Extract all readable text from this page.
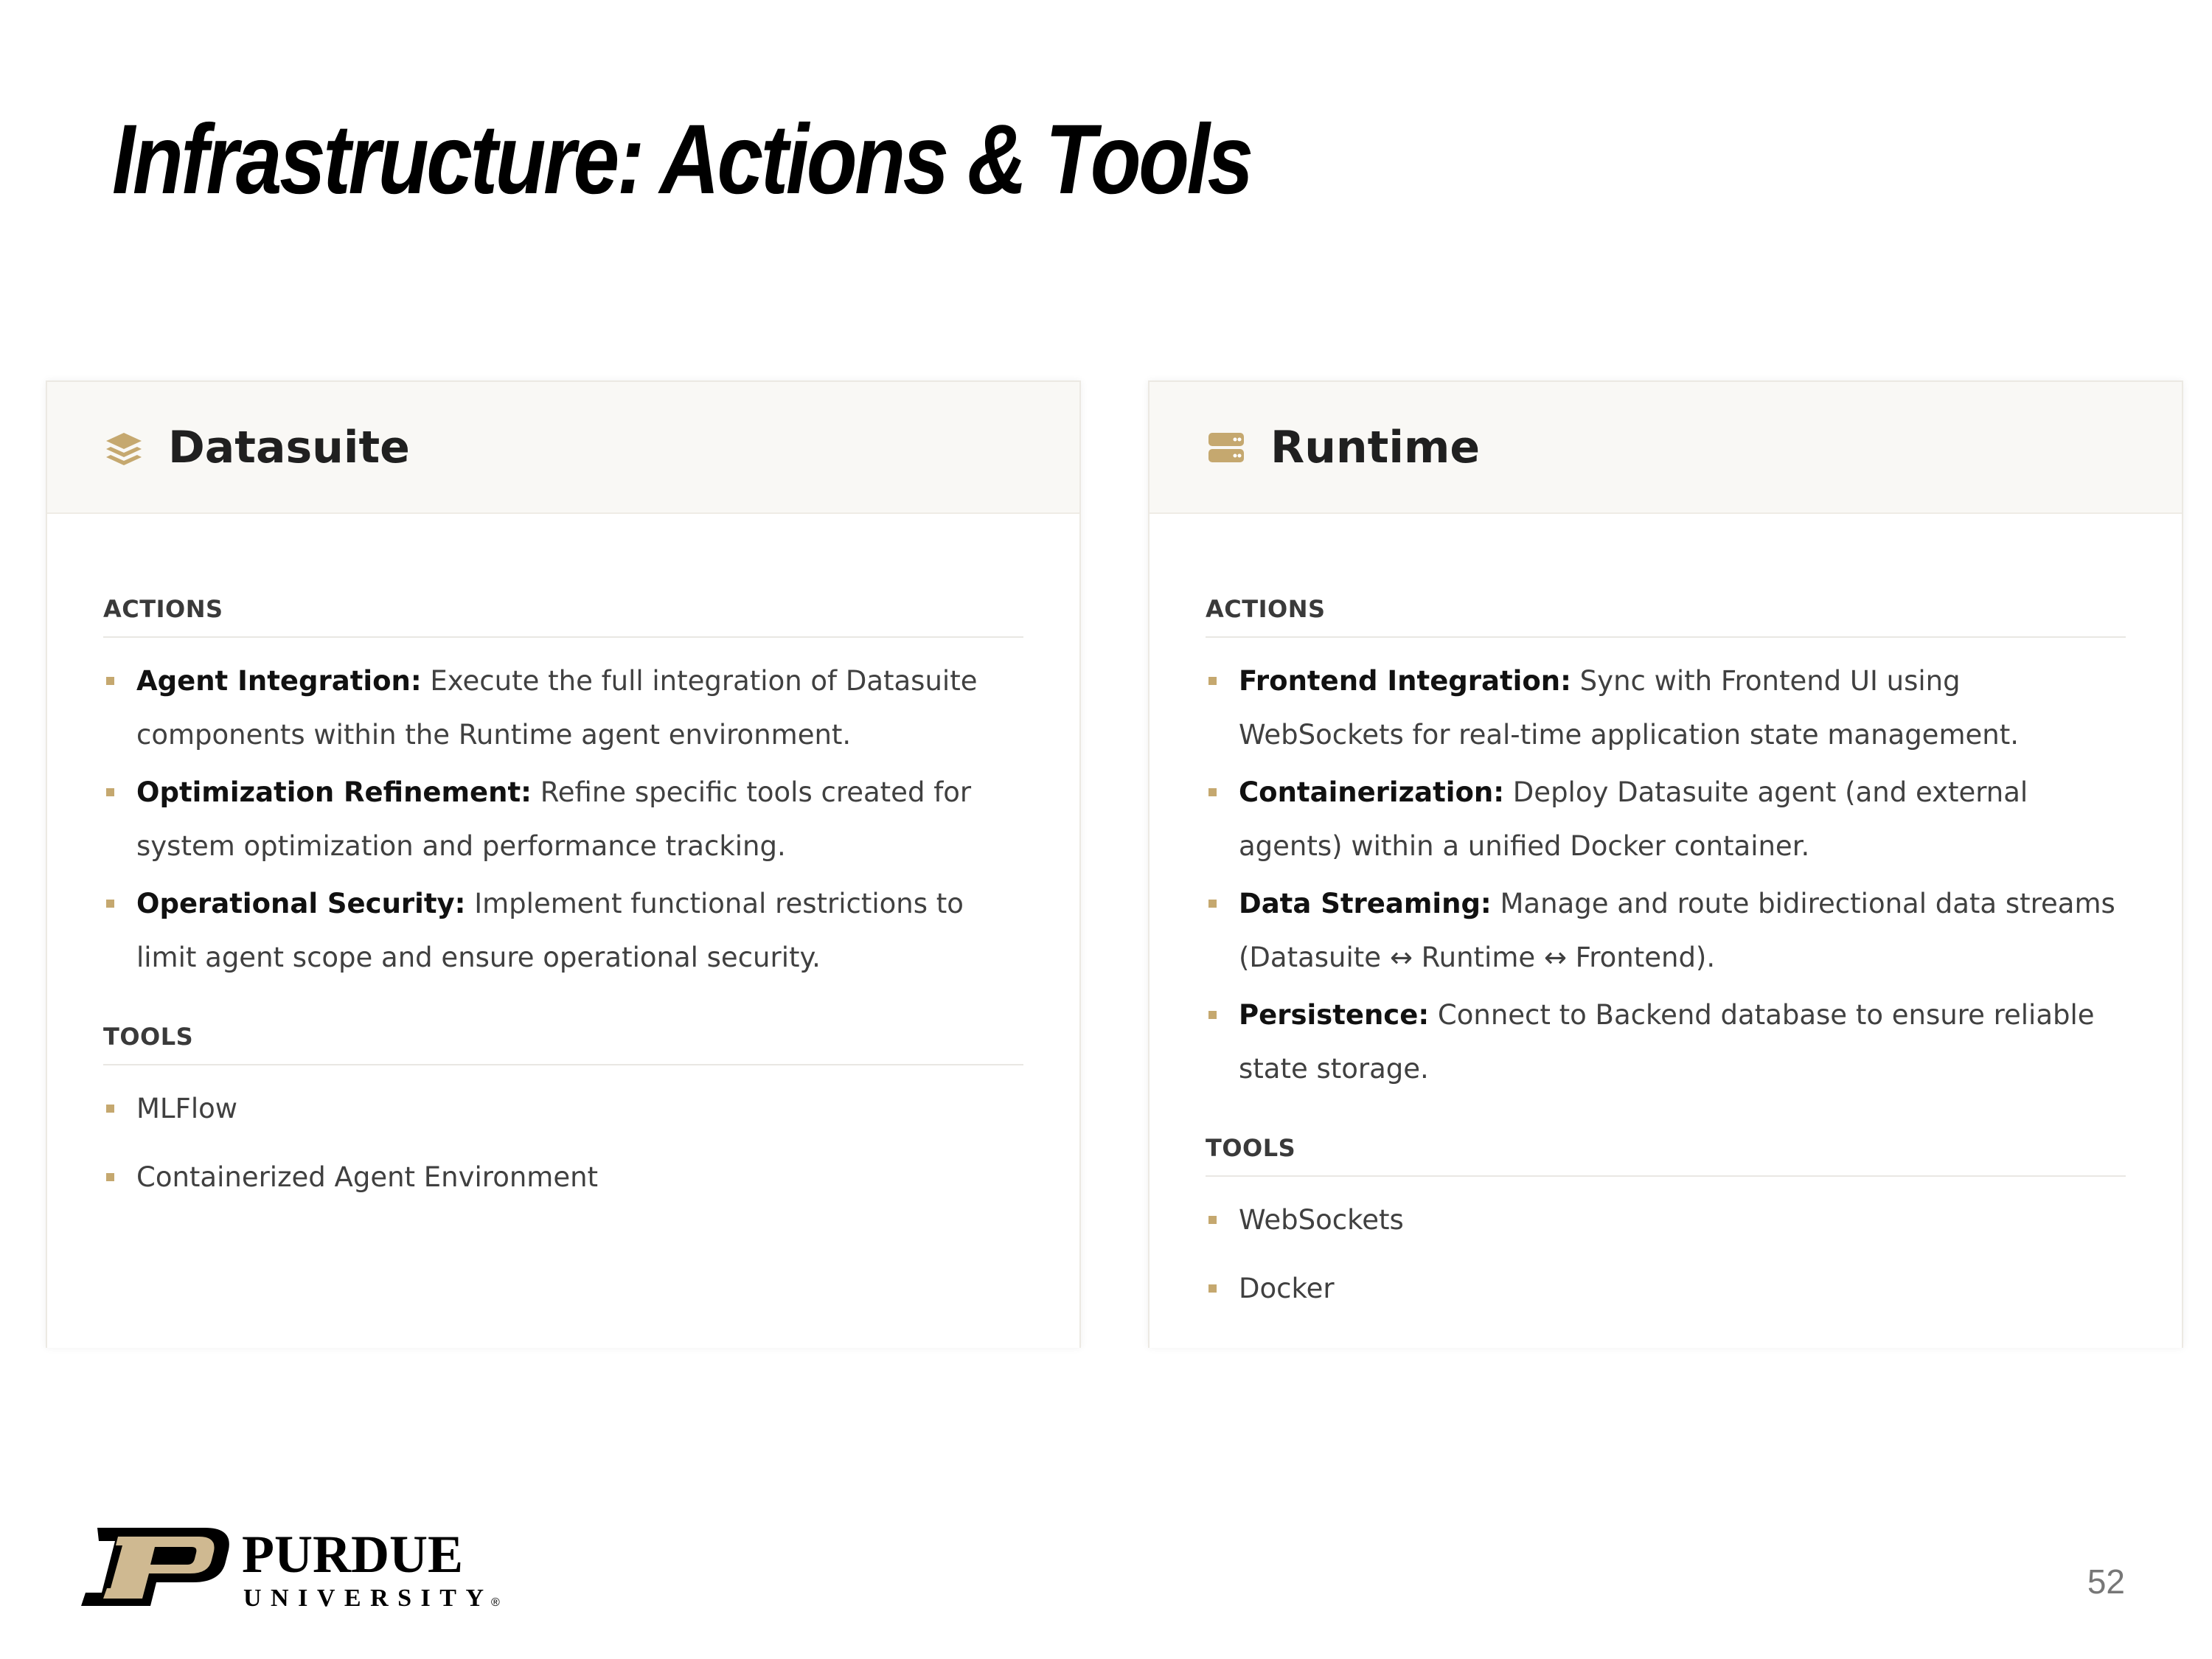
Infrastructure: Actions & Tools
Datasuite
ACTIONS
Agent Integration: Execute the full integration of Datasuite components within the Runtime agent environment.
Optimization Refinement: Refine specific tools created for system optimization and performance tracking.
Operational Security: Implement functional restrictions to limit agent scope and ensure operational security.
TOOLS
MLFlow
Containerized Agent Environment
Runtime
ACTIONS
Frontend Integration: Sync with Frontend UI using WebSockets for real-time application state management.
Containerization: Deploy Datasuite agent (and external agents) within a unified Docker container.
Data Streaming: Manage and route bidirectional data streams (Datasuite ↔ Runtime ↔ Frontend).
Persistence: Connect to Backend database to ensure reliable state storage.
TOOLS
WebSockets
Docker
PURDUE
UNIVERSITY
®
52
